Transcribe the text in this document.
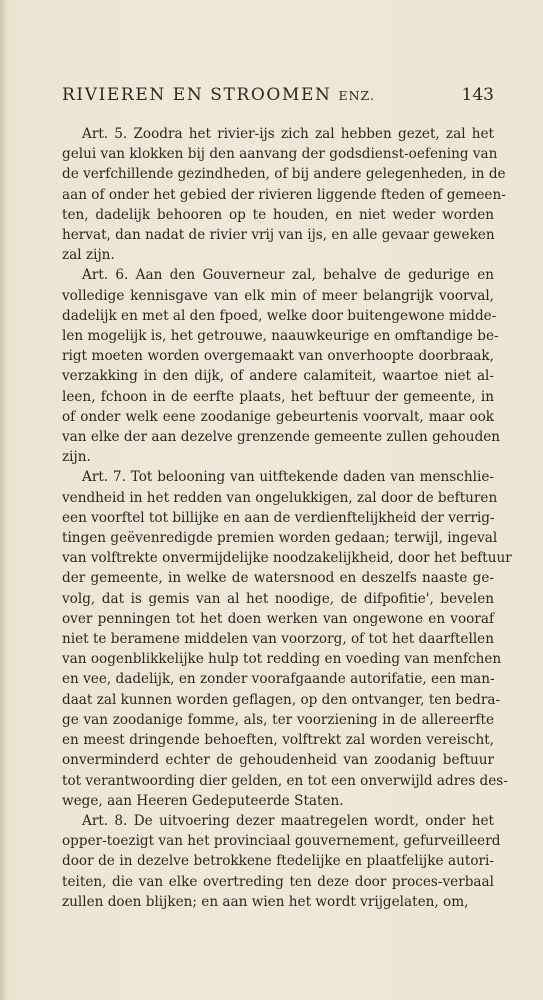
RIVIEREN EN STROOMEN ENZ.	143
Art. 5. Zoodra het rivier-ijs zich zal hebben gezet, zal het
gelui van klokken bij den aanvang der godsdienst-oefening van
de verfchillende gezindheden, of bij andere gelegenheden, in de
aan of onder het gebied der rivieren liggende fteden of gemeen-
ten, dadelijk behooren op te houden, en niet weder worden
hervat, dan nadat de rivier vrij van ijs, en alle gevaar geweken
zal zijn.
Art. 6. Aan den Gouverneur zal, behalve de gedurige en
volledige kennisgave van elk min of meer belangrijk voorval,
dadelijk en met al den fpoed, welke door buitengewone midde-
len mogelijk is, het getrouwe, naauwkeurige en omftandige be-
rigt moeten worden overgemaakt van onverhoopte doorbraak,
verzakking in den dijk, of andere calamiteit, waartoe niet al-
leen, fchoon in de eerfte plaats, het beftuur der gemeente, in
of onder welk eene zoodanige gebeurtenis voorvalt, maar ook
van elke der aan dezelve grenzende gemeente zullen gehouden
zijn.
Art. 7. Tot belooning van uitftekende daden van menschlie-
vendheid in het redden van ongelukkigen, zal door de befturen
een voorftel tot billijke en aan de verdienftelijkheid der verrig-
tingen geëvenredigde premien worden gedaan; terwijl, ingeval
van volftrekte onvermijdelijke noodzakelijkheid, door het beftuur
der gemeente, in welke de watersnood en deszelfs naaste ge-
volg, dat is gemis van al het noodige, de difpofitie', bevelen
over penningen tot het doen werken van ongewone en vooraf
niet te beramene middelen van voorzorg, of tot het daarftellen
van oogenblikkelijke hulp tot redding en voeding van menfchen
en vee, dadelijk, en zonder voorafgaande autorifatie, een man-
daat zal kunnen worden geflagen, op den ontvanger, ten bedra-
ge van zoodanige fomme, als, ter voorziening in de allereerfte
en meest dringende behoeften, volftrekt zal worden vereischt,
onverminderd echter de gehoudenheid van zoodanig beftuur
tot verantwoording dier gelden, en tot een onverwijld adres des-
wege, aan Heeren Gedeputeerde Staten.
Art. 8. De uitvoering dezer maatregelen wordt, onder het
opper-toezigt van het provinciaal gouvernement, gefurveilleerd
door de in dezelve betrokkene ftedelijke en plaatfelijke autori-
teiten, die van elke overtreding ten deze door proces-verbaal
zullen doen blijken; en aan wien het wordt vrijgelaten, om,
